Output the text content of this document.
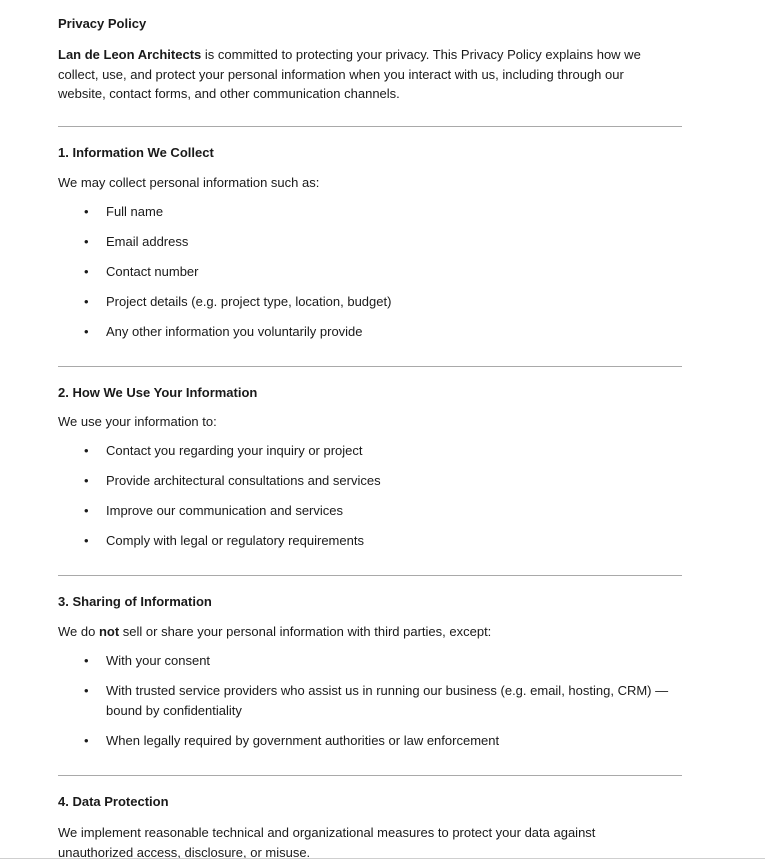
Privacy Policy
Lan de Leon Architects is committed to protecting your privacy. This Privacy Policy explains how we collect, use, and protect your personal information when you interact with us, including through our website, contact forms, and other communication channels.
1. Information We Collect
We may collect personal information such as:
• Full name
• Email address
• Contact number
• Project details (e.g. project type, location, budget)
• Any other information you voluntarily provide
2. How We Use Your Information
We use your information to:
• Contact you regarding your inquiry or project
• Provide architectural consultations and services
• Improve our communication and services
• Comply with legal or regulatory requirements
3. Sharing of Information
We do not sell or share your personal information with third parties, except:
• With your consent
• With trusted service providers who assist us in running our business (e.g. email, hosting, CRM) — bound by confidentiality
• When legally required by government authorities or law enforcement
4. Data Protection
We implement reasonable technical and organizational measures to protect your data against unauthorized access, disclosure, or misuse.
